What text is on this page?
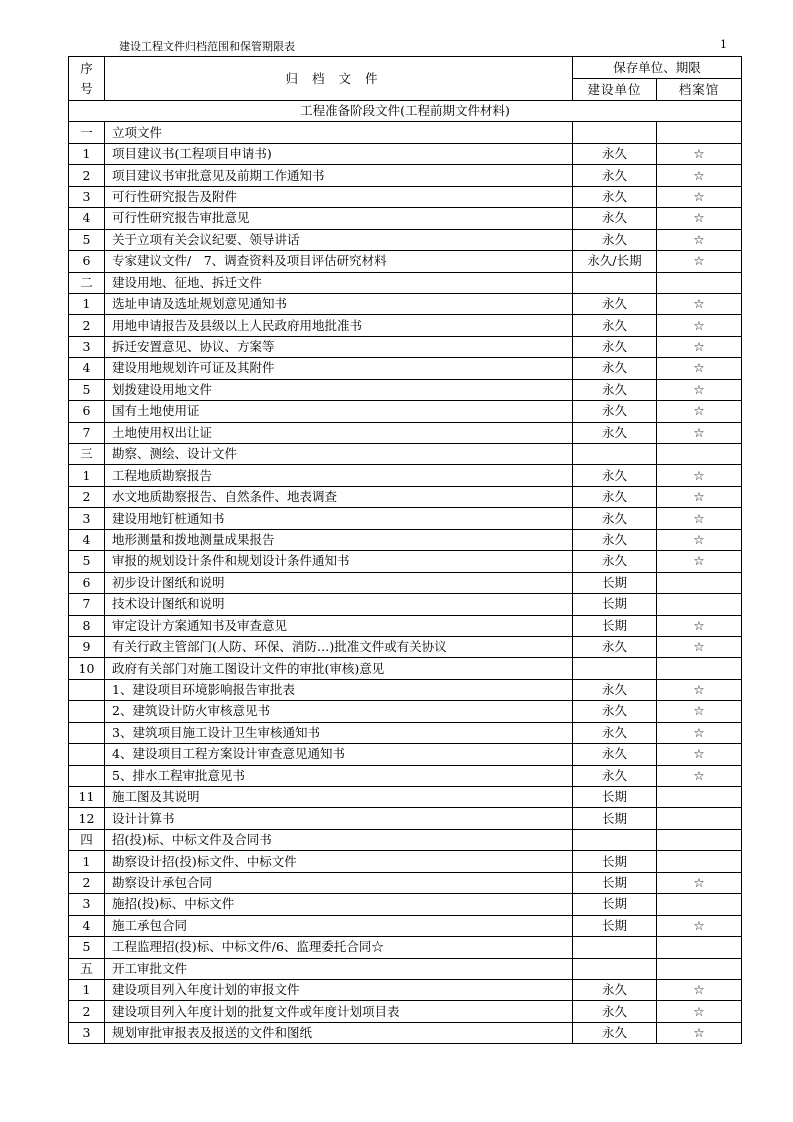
建设工程文件归档范围和保管期限表	1
序
号	归档文件	保存单位、期限	
		建设单位	档案馆
工程准备阶段文件(工程前期文件材料)			
一	立项文件		
1	项目建议书(工程项目申请书)	永久	☆
2	项目建议书审批意见及前期工作通知书	永久	☆
3	可行性研究报告及附件	永久	☆
4	可行性研究报告审批意见	永久	☆
5	关于立项有关会议纪要、领导讲话	永久	☆
6	专家建议文件/　7、调查资料及项目评估研究材料	永久/长期	☆
二	建设用地、征地、拆迁文件		
1	选址申请及选址规划意见通知书	永久	☆
2	用地申请报告及县级以上人民政府用地批准书	永久	☆
3	拆迁安置意见、协议、方案等	永久	☆
4	建设用地规划许可证及其附件	永久	☆
5	划拨建设用地文件	永久	☆
6	国有土地使用证	永久	☆
7	土地使用权出让证	永久	☆
三	勘察、测绘、设计文件		
1	工程地质勘察报告	永久	☆
2	水文地质勘察报告、自然条件、地表调查	永久	☆
3	建设用地钉桩通知书	永久	☆
4	地形测量和拨地测量成果报告	永久	☆
5	审报的规划设计条件和规划设计条件通知书	永久	☆
6	初步设计图纸和说明	长期	
7	技术设计图纸和说明	长期	
8	审定设计方案通知书及审查意见	长期	☆
9	有关行政主管部门(人防、环保、消防…)批准文件或有关协议	永久	☆
10	政府有关部门对施工图设计文件的审批(审核)意见		
	1、建设项目环境影响报告审批表	永久	☆
	2、建筑设计防火审核意见书	永久	☆
	3、建筑项目施工设计卫生审核通知书	永久	☆
	4、建设项目工程方案设计审查意见通知书	永久	☆
	5、排水工程审批意见书	永久	☆
11	施工图及其说明	长期	
12	设计计算书	长期	
四	招(投)标、中标文件及合同书		
1	勘察设计招(投)标文件、中标文件	长期	
2	勘察设计承包合同	长期	☆
3	施招(投)标、中标文件	长期	
4	施工承包合同	长期	☆
5	工程监理招(投)标、中标文件/6、监理委托合同☆		
五	开工审批文件		
1	建设项目列入年度计划的审报文件	永久	☆
2	建设项目列入年度计划的批复文件或年度计划项目表	永久	☆
3	规划审批审报表及报送的文件和图纸	永久	☆
